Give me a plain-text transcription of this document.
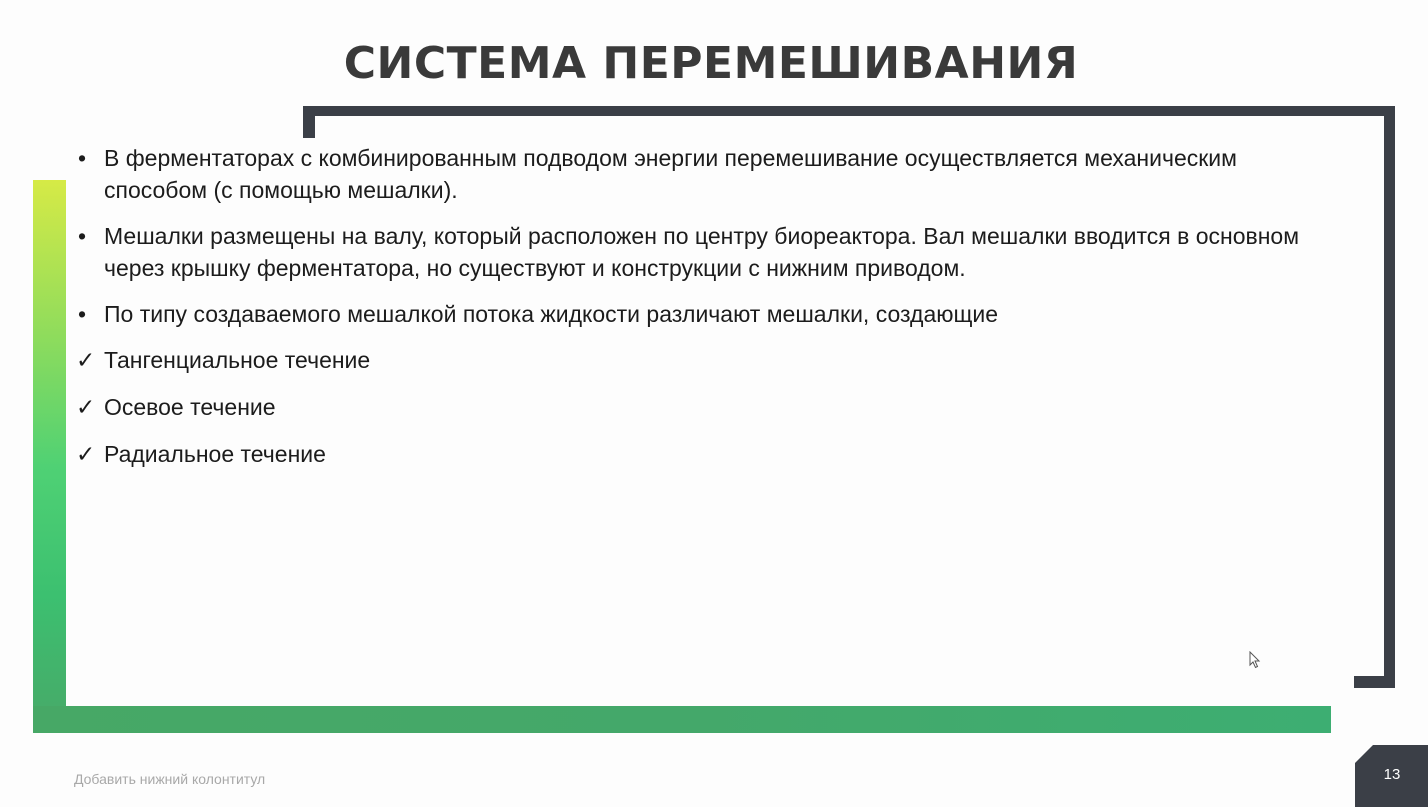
СИСТЕМА ПЕРЕМЕШИВАНИЯ
• В ферментаторах с комбинированным подводом энергии перемешивание осуществляется механическим способом (с помощью мешалки).
• Мешалки размещены на валу, который расположен по центру биореактора. Вал мешалки вводится в основном через крышку ферментатора, но существуют и конструкции с нижним приводом.
• По типу создаваемого мешалкой потока жидкости различают мешалки, создающие
✓ Тангенциальное течение
✓ Осевое течение
✓ Радиальное течение
Добавить нижний колонтитул	13
